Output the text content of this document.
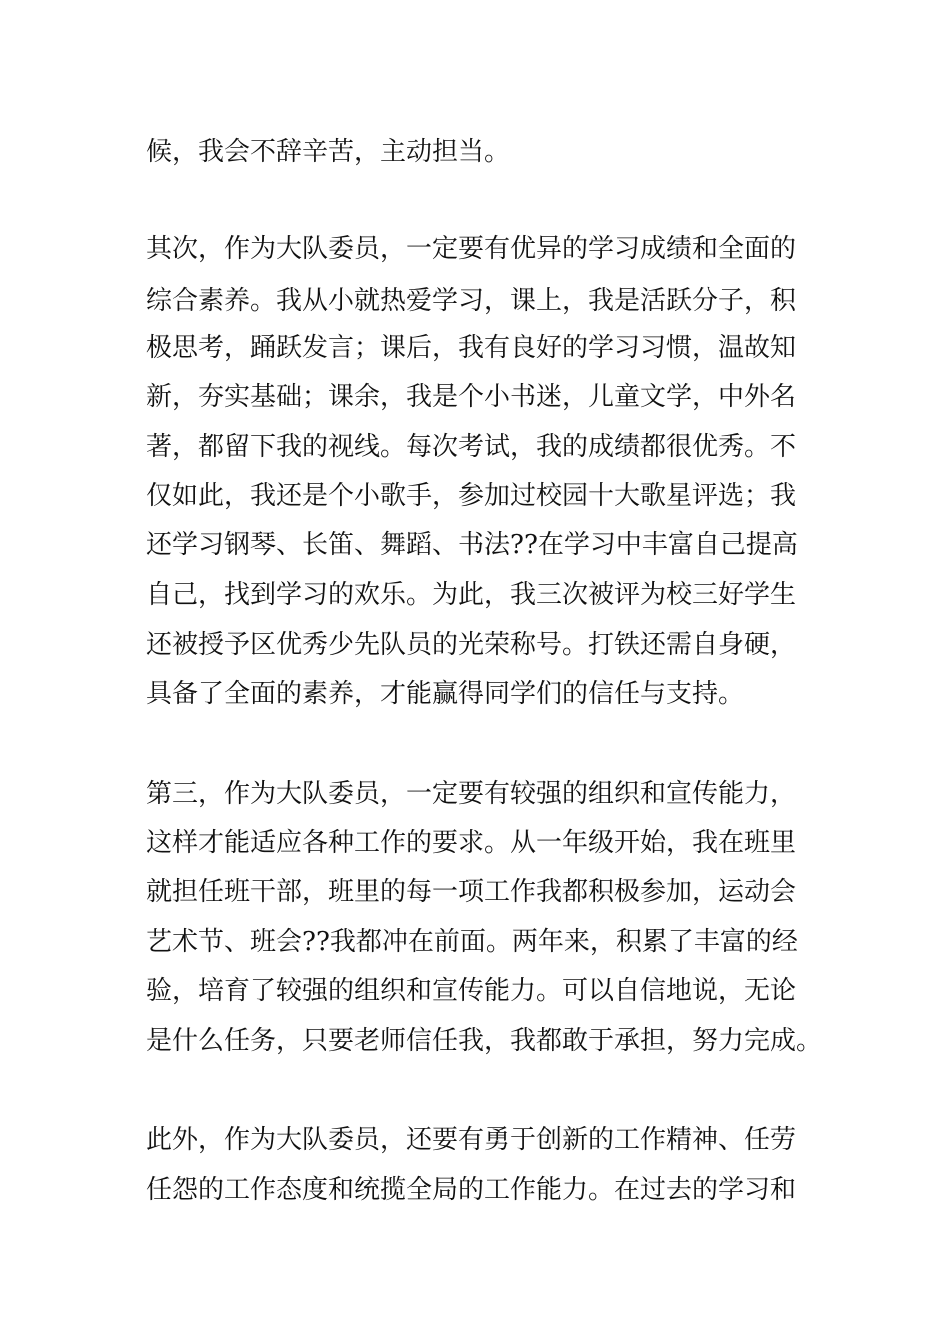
候，我会不辞辛苦，主动担当。
其次，作为大队委员，一定要有优异的学习成绩和全面的
综合素养。我从小就热爱学习，课上，我是活跃分子，积
极思考，踊跃发言；课后，我有良好的学习习惯，温故知
新，夯实基础；课余，我是个小书迷，儿童文学，中外名
著，都留下我的视线。每次考试，我的成绩都很优秀。不
仅如此，我还是个小歌手，参加过校园十大歌星评选；我
还学习钢琴、长笛、舞蹈、书法??在学习中丰富自己提高
自己，找到学习的欢乐。为此，我三次被评为校三好学生
还被授予区优秀少先队员的光荣称号。打铁还需自身硬，
具备了全面的素养，才能赢得同学们的信任与支持。
第三，作为大队委员，一定要有较强的组织和宣传能力，
这样才能适应各种工作的要求。从一年级开始，我在班里
就担任班干部，班里的每一项工作我都积极参加，运动会
艺术节、班会??我都冲在前面。两年来，积累了丰富的经
验，培育了较强的组织和宣传能力。可以自信地说，无论
是什么任务，只要老师信任我，我都敢于承担，努力完成。
此外，作为大队委员，还要有勇于创新的工作精神、任劳
任怨的工作态度和统揽全局的工作能力。在过去的学习和
